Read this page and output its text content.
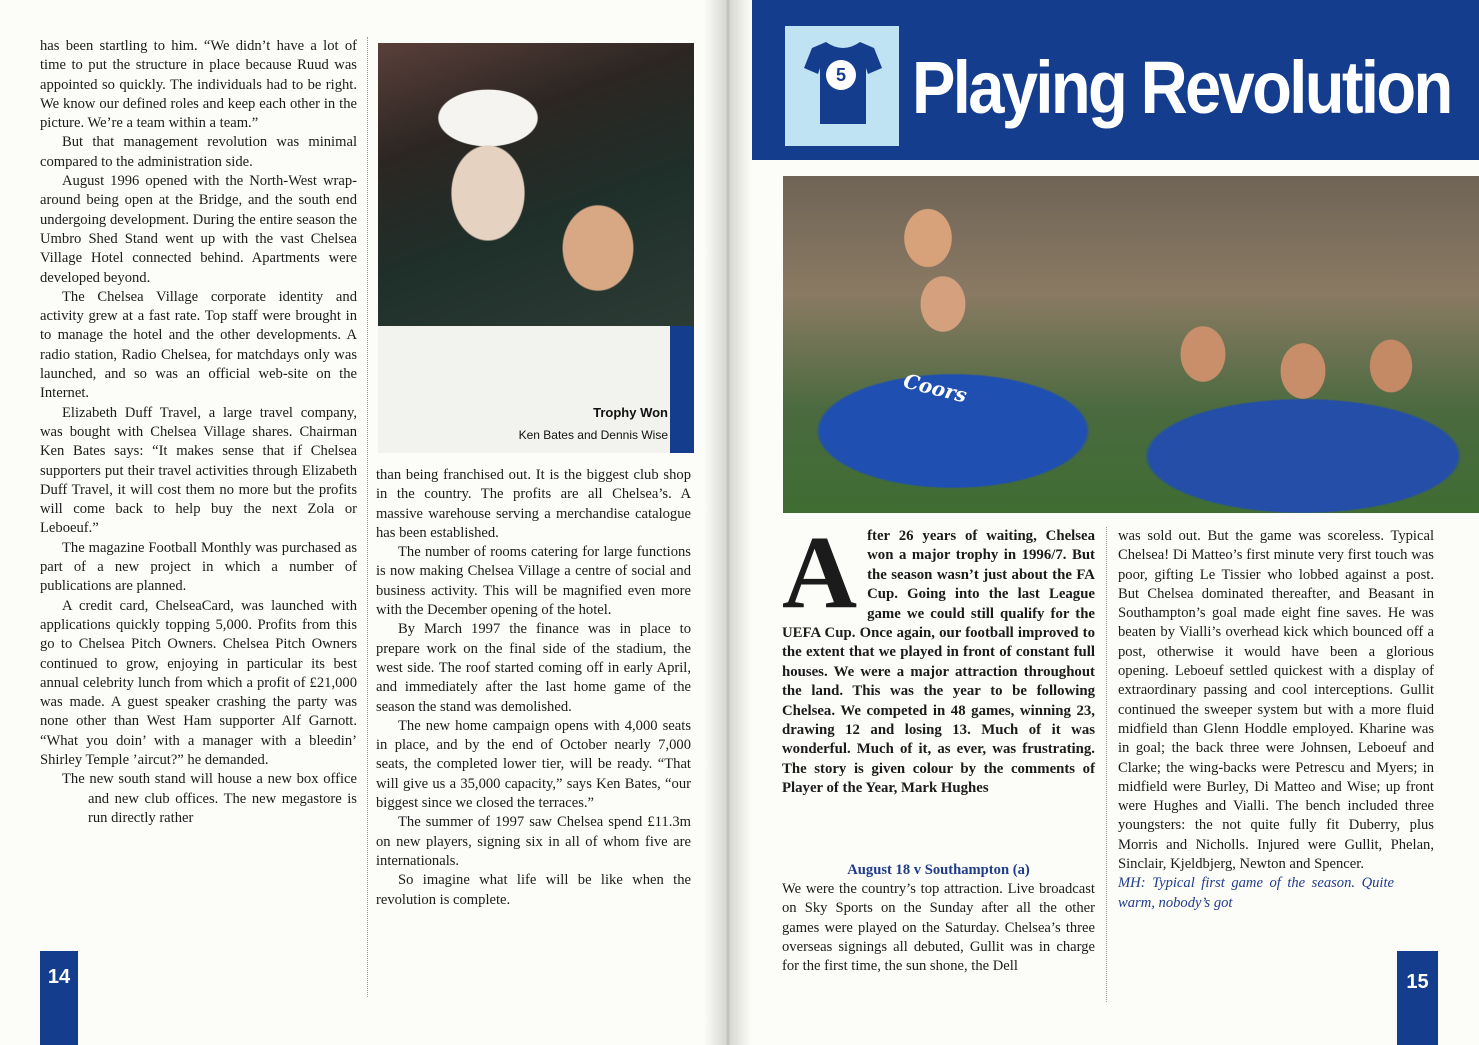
has been startling to him. “We didn’t have a lot of time to put the structure in place because Ruud was appointed so quickly. The individuals had to be right. We know our defined roles and keep each other in the picture. We’re a team within a team.”

But that management revolution was minimal compared to the administration side.

August 1996 opened with the North-West wrap-around being open at the Bridge, and the south end undergoing development. During the entire season the Umbro Shed Stand went up with the vast Chelsea Village Hotel connected behind. Apartments were developed beyond.

The Chelsea Village corporate identity and activity grew at a fast rate. Top staff were brought in to manage the hotel and the other developments. A radio station, Radio Chelsea, for matchdays only was launched, and so was an official web-site on the Internet.

Elizabeth Duff Travel, a large travel company, was bought with Chelsea Village shares. Chairman Ken Bates says: “It makes sense that if Chelsea supporters put their travel activities through Elizabeth Duff Travel, it will cost them no more but the profits will come back to help buy the next Zola or Leboeuf.”

The magazine Football Monthly was purchased as part of a new project in which a number of publications are planned.

A credit card, ChelseaCard, was launched with applications quickly topping 5,000. Profits from this go to Chelsea Pitch Owners. Chelsea Pitch Owners continued to grow, enjoying in particular its best annual celebrity lunch from which a profit of £21,000 was made. A guest speaker crashing the party was none other than West Ham supporter Alf Garnott. “What you doin’ with a manager with a bleedin’ Shirley Temple ’aircut?” he demanded.

The new south stand will house a new box office and new club offices. The new megastore is run directly rather

Trophy Won
Ken Bates and Dennis Wise

than being franchised out. It is the biggest club shop in the country. The profits are all Chelsea’s. A massive warehouse serving a merchandise catalogue has been established.

The number of rooms catering for large functions is now making Chelsea Village a centre of social and business activity. This will be magnified even more with the December opening of the hotel.

By March 1997 the finance was in place to prepare work on the final side of the stadium, the west side. The roof started coming off in early April, and immediately after the last home game of the season the stand was demolished.

The new home campaign opens with 4,000 seats in place, and by the end of October nearly 7,000 seats, the completed lower tier, will be ready. “That will give us a 35,000 capacity,” says Ken Bates, “our biggest since we closed the terraces.”

The summer of 1997 saw Chelsea spend £11.3m on new players, signing six in all of whom five are internationals.

So imagine what life will be like when the revolution is complete.

14
5 Playing Revolution
Coors
After 26 years of waiting, Chelsea won a major trophy in 1996/7. But the season wasn’t just about the FA Cup. Going into the last League game we could still qualify for the UEFA Cup. Once again, our football improved to the extent that we played in front of constant full houses. We were a major attraction throughout the land. This was the year to be following Chelsea. We competed in 48 games, winning 23, drawing 12 and losing 13. Much of it was wonderful. Much of it, as ever, was frustrating. The story is given colour by the comments of Player of the Year, Mark Hughes
August 18 v Southampton (a)

We were the country’s top attraction. Live broadcast on Sky Sports on the Sunday after all the other games were played on the Saturday. Chelsea’s three overseas signings all debuted, Gullit was in charge for the first time, the sun shone, the Dell

was sold out. But the game was scoreless. Typical Chelsea! Di Matteo’s first minute very first touch was poor, gifting Le Tissier who lobbed against a post. But Chelsea dominated thereafter, and Beasant in Southampton’s goal made eight fine saves. He was beaten by Vialli’s overhead kick which bounced off a post, otherwise it would have been a glorious opening. Leboeuf settled quickest with a display of extraordinary passing and cool interceptions. Gullit continued the sweeper system but with a more fluid midfield than Glenn Hoddle employed. Kharine was in goal; the back three were Johnsen, Leboeuf and Clarke; the wing-backs were Petrescu and Myers; in midfield were Burley, Di Matteo and Wise; up front were Hughes and Vialli. The bench included three youngsters: the not quite fully fit Duberry, plus Morris and Nicholls. Injured were Gullit, Phelan, Sinclair, Kjeldbjerg, Newton and Spencer.

MH: Typical first game of the season. Quite warm, nobody’s got

15
